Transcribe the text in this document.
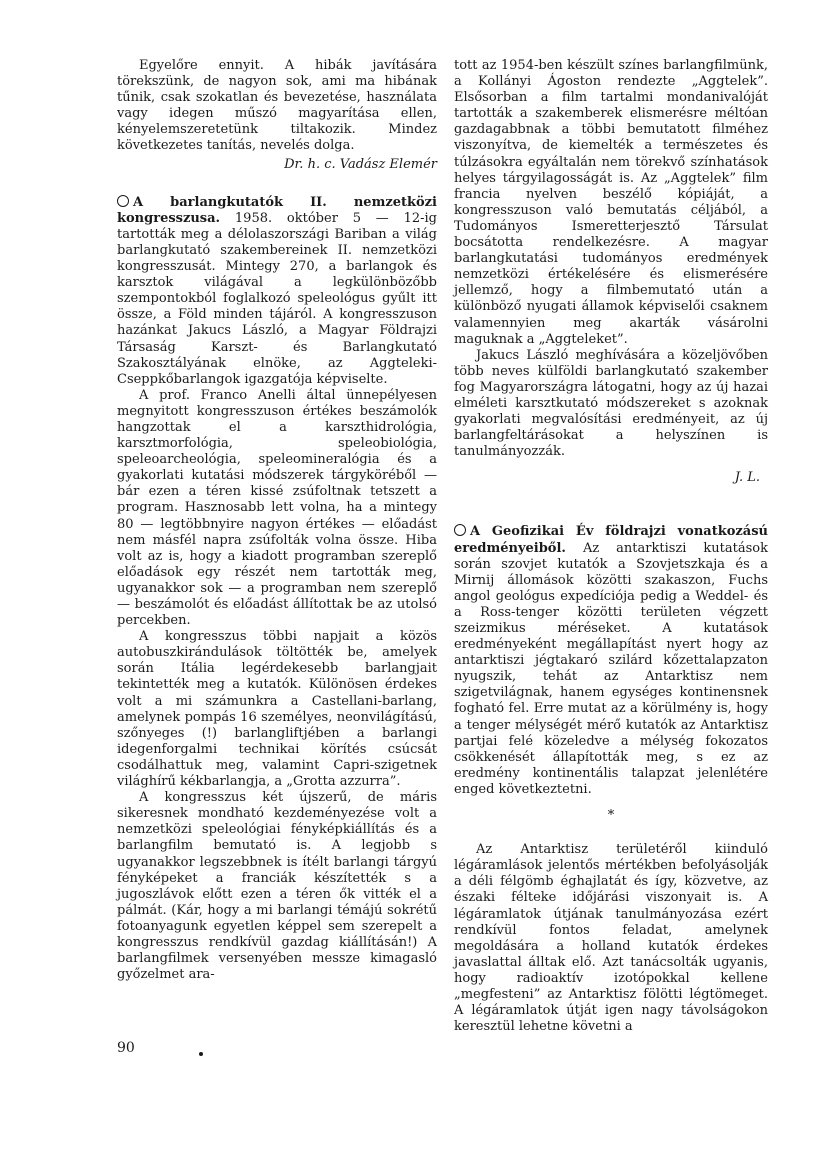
Egyelőre ennyit. A hibák javítására törekszünk, de nagyon sok, ami ma hibának tűnik, csak szokatlan és bevezetése, használata vagy idegen műszó magyarítása ellen, kényelemszeretetünk tiltakozik. Mindez következetes tanítás, nevelés dolga.

Dr. h. c. Vadász Elemér

A barlangkutatók II. nemzetközi kongresszusa. 1958. október 5 — 12-ig tartották meg a délolaszországi Bariban a világ barlangkutató szakembereinek II. nemzetközi kongresszusát. Mintegy 270, a barlangok és karsztok világával a legkülönbözőbb szempontokból foglalkozó speleológus gyűlt itt össze, a Föld minden tájáról. A kongresszuson hazánkat Jakucs László, a Magyar Földrajzi Társaság Karszt- és Barlangkutató Szakosztályának elnöke, az Aggteleki-Cseppkőbarlangok igazgatója képviselte.

A prof. Franco Anelli által ünnepélyesen megnyitott kongresszuson értékes beszámolók hangzottak el a karszthidrológia, karsztmorfológia, speleobiológia, speleoarcheológia, speleomineralógia és a gyakorlati kutatási módszerek tárgyköréből — bár ezen a téren kissé zsúfoltnak tetszett a program. Hasznosabb lett volna, ha a mintegy 80 — legtöbbnyire nagyon értékes — előadást nem másfél napra zsúfolták volna össze. Hiba volt az is, hogy a kiadott programban szereplő előadások egy részét nem tartották meg, ugyanakkor sok — a programban nem szereplő — beszámolót és előadást állítottak be az utolsó percekben.

A kongresszus többi napjait a közös autobuszkirándulások töltötték be, amelyek során Itália legérdekesebb barlangjait tekintették meg a kutatók. Különösen érdekes volt a mi számunkra a Castellani-barlang, amelynek pompás 16 személyes, neonvilágítású, szőnyeges (!) barlangliftjében a barlangi idegenforgalmi technikai körítés csúcsát csodálhattuk meg, valamint Capri-szigetnek világhírű kékbarlangja, a „Grotta azzurra”.

A kongresszus két újszerű, de máris sikeresnek mondható kezdeményezése volt a nemzetközi speleológiai fényképkiállítás és a barlangfilm bemutató is. A legjobb s ugyanakkor legszebbnek is ítélt barlangi tárgyú fényképeket a franciák készítették s a jugoszlávok előtt ezen a téren ők vitték el a pálmát. (Kár, hogy a mi barlangi témájú sokrétű fotoanyagunk egyetlen képpel sem szerepelt a kongresszus rendkívül gazdag kiállításán!) A barlangfilmek versenyében messze kimagasló győzelmet ara-

tott az 1954-ben készült színes barlangfilmünk, a Kollányi Ágoston rendezte „Aggtelek”. Elsősorban a film tartalmi mondanivalóját tartották a szakemberek elismerésre méltóan gazdagabbnak a többi bemutatott filméhez viszonyítva, de kiemelték a természetes és túlzásokra egyáltalán nem törekvő színhatások helyes tárgyilagosságát is. Az „Aggtelek” film francia nyelven beszélő kópiáját, a kongresszuson való bemutatás céljából, a Tudományos Ismeretterjesztő Társulat bocsátotta rendelkezésre. A magyar barlangkutatási tudományos eredmények nemzetközi értékelésére és elismerésére jellemző, hogy a filmbemutató után a különböző nyugati államok képviselői csaknem valamennyien meg akarták vásárolni maguknak a „Aggteleket”.

Jakucs László meghívására a közeljövőben több neves külföldi barlangkutató szakember fog Magyarországra látogatni, hogy az új hazai elméleti karsztkutató módszereket s azoknak gyakorlati megvalósítási eredményeit, az új barlangfeltárásokat a helyszínen is tanulmányozzák.

J. L.

A Geofizikai Év földrajzi vonatkozású eredményeiből. Az antarktiszi kutatások során szovjet kutatók a Szovjetszkaja és a Mirnij állomások közötti szakaszon, Fuchs angol geológus expedíciója pedig a Weddel- és a Ross-tenger közötti területen végzett szeizmikus méréseket. A kutatások eredményeként megállapítást nyert hogy az antarktiszi jégtakaró szilárd kőzettalapzaton nyugszik, tehát az Antarktisz nem szigetvilágnak, hanem egységes kontinensnek fogható fel. Erre mutat az a körülmény is, hogy a tenger mélységét mérő kutatók az Antarktisz partjai felé közeledve a mélység fokozatos csökkenését állapították meg, s ez az eredmény kontinentális talapzat jelenlétére enged következtetni.

*

Az Antarktisz területéről kiinduló légáramlások jelentős mértékben befolyásolják a déli félgömb éghajlatát és így, közvetve, az északi féltekе időjárási viszonyait is. A légáramlatok útjának tanulmányozása ezért rendkívül fontos feladat, amelynek megoldására a holland kutatók érdekes javaslattal álltak elő. Azt tanácsolták ugyanis, hogy radioaktív izotópokkal kellene „megfesteni” az Antarktisz fölötti légtömeget. A légáramlatok útját igen nagy távolságokon keresztül lehetne követni a

90
